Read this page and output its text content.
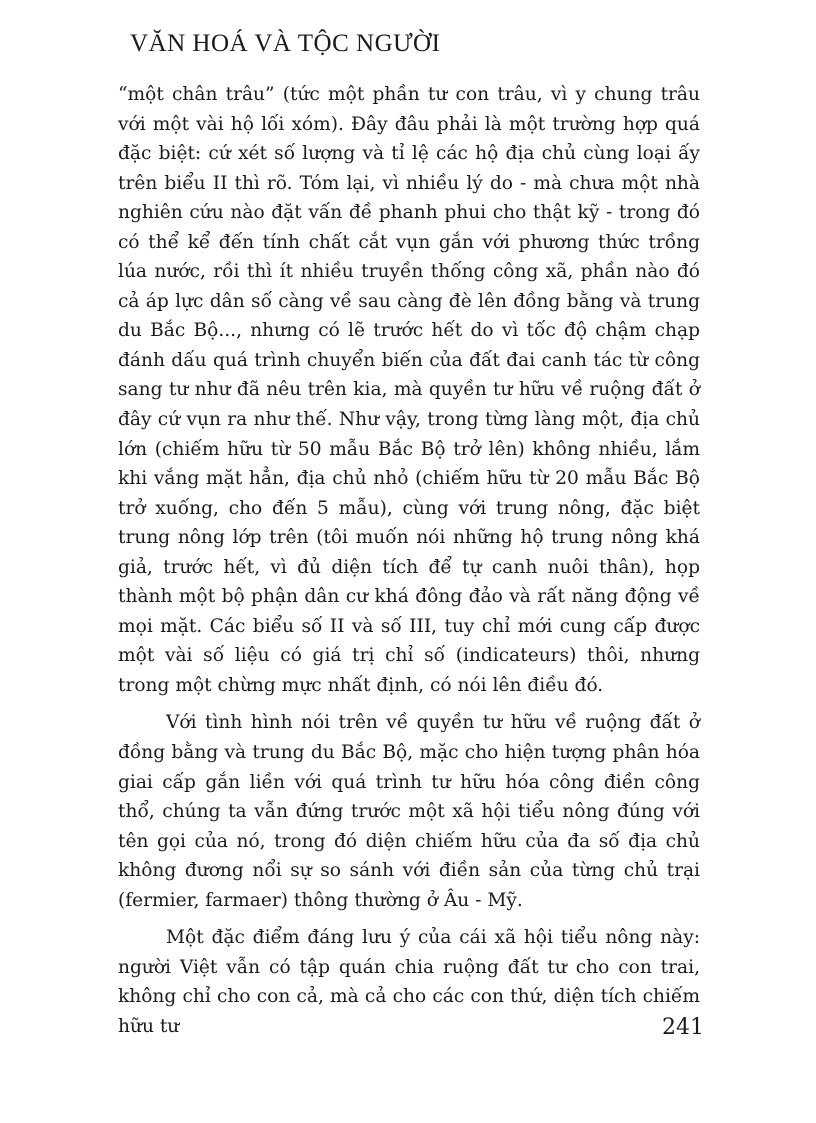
VĂN HOÁ VÀ TỘC NGƯỜI

“một chân trâu” (tức một phần tư con trâu, vì y chung trâu với một vài hộ lối xóm). Đây đâu phải là một trường hợp quá đặc biệt: cứ xét số lượng và tỉ lệ các hộ địa chủ cùng loại ấy trên biểu II thì rõ. Tóm lại, vì nhiều lý do - mà chưa một nhà nghiên cứu nào đặt vấn đề phanh phui cho thật kỹ - trong đó có thể kể đến tính chất cắt vụn gắn với phương thức trồng lúa nước, rồi thì ít nhiều truyền thống công xã, phần nào đó cả áp lực dân số càng về sau càng đè lên đồng bằng và trung du Bắc Bộ..., nhưng có lẽ trước hết do vì tốc độ chậm chạp đánh dấu quá trình chuyển biến của đất đai canh tác từ công sang tư như đã nêu trên kia, mà quyền tư hữu về ruộng đất ở đây cứ vụn ra như thế. Như vậy, trong từng làng một, địa chủ lớn (chiếm hữu từ 50 mẫu Bắc Bộ trở lên) không nhiều, lắm khi vắng mặt hẳn, địa chủ nhỏ (chiếm hữu từ 20 mẫu Bắc Bộ trở xuống, cho đến 5 mẫu), cùng với trung nông, đặc biệt trung nông lớp trên (tôi muốn nói những hộ trung nông khá giả, trước hết, vì đủ diện tích để tự canh nuôi thân), họp thành một bộ phận dân cư khá đông đảo và rất năng động về mọi mặt. Các biểu số II và số III, tuy chỉ mới cung cấp được một vài số liệu có giá trị chỉ số (indicateurs) thôi, nhưng trong một chừng mực nhất định, có nói lên điều đó.

Với tình hình nói trên về quyền tư hữu về ruộng đất ở đồng bằng và trung du Bắc Bộ, mặc cho hiện tượng phân hóa giai cấp gắn liền với quá trình tư hữu hóa công điền công thổ, chúng ta vẫn đứng trước một xã hội tiểu nông đúng với tên gọi của nó, trong đó diện chiếm hữu của đa số địa chủ không đương nổi sự so sánh với điền sản của từng chủ trại (fermier, farmaer) thông thường ở Âu - Mỹ.

Một đặc điểm đáng lưu ý của cái xã hội tiểu nông này: người Việt vẫn có tập quán chia ruộng đất tư cho con trai, không chỉ cho con cả, mà cả cho các con thứ, diện tích chiếm hữu tư	241
